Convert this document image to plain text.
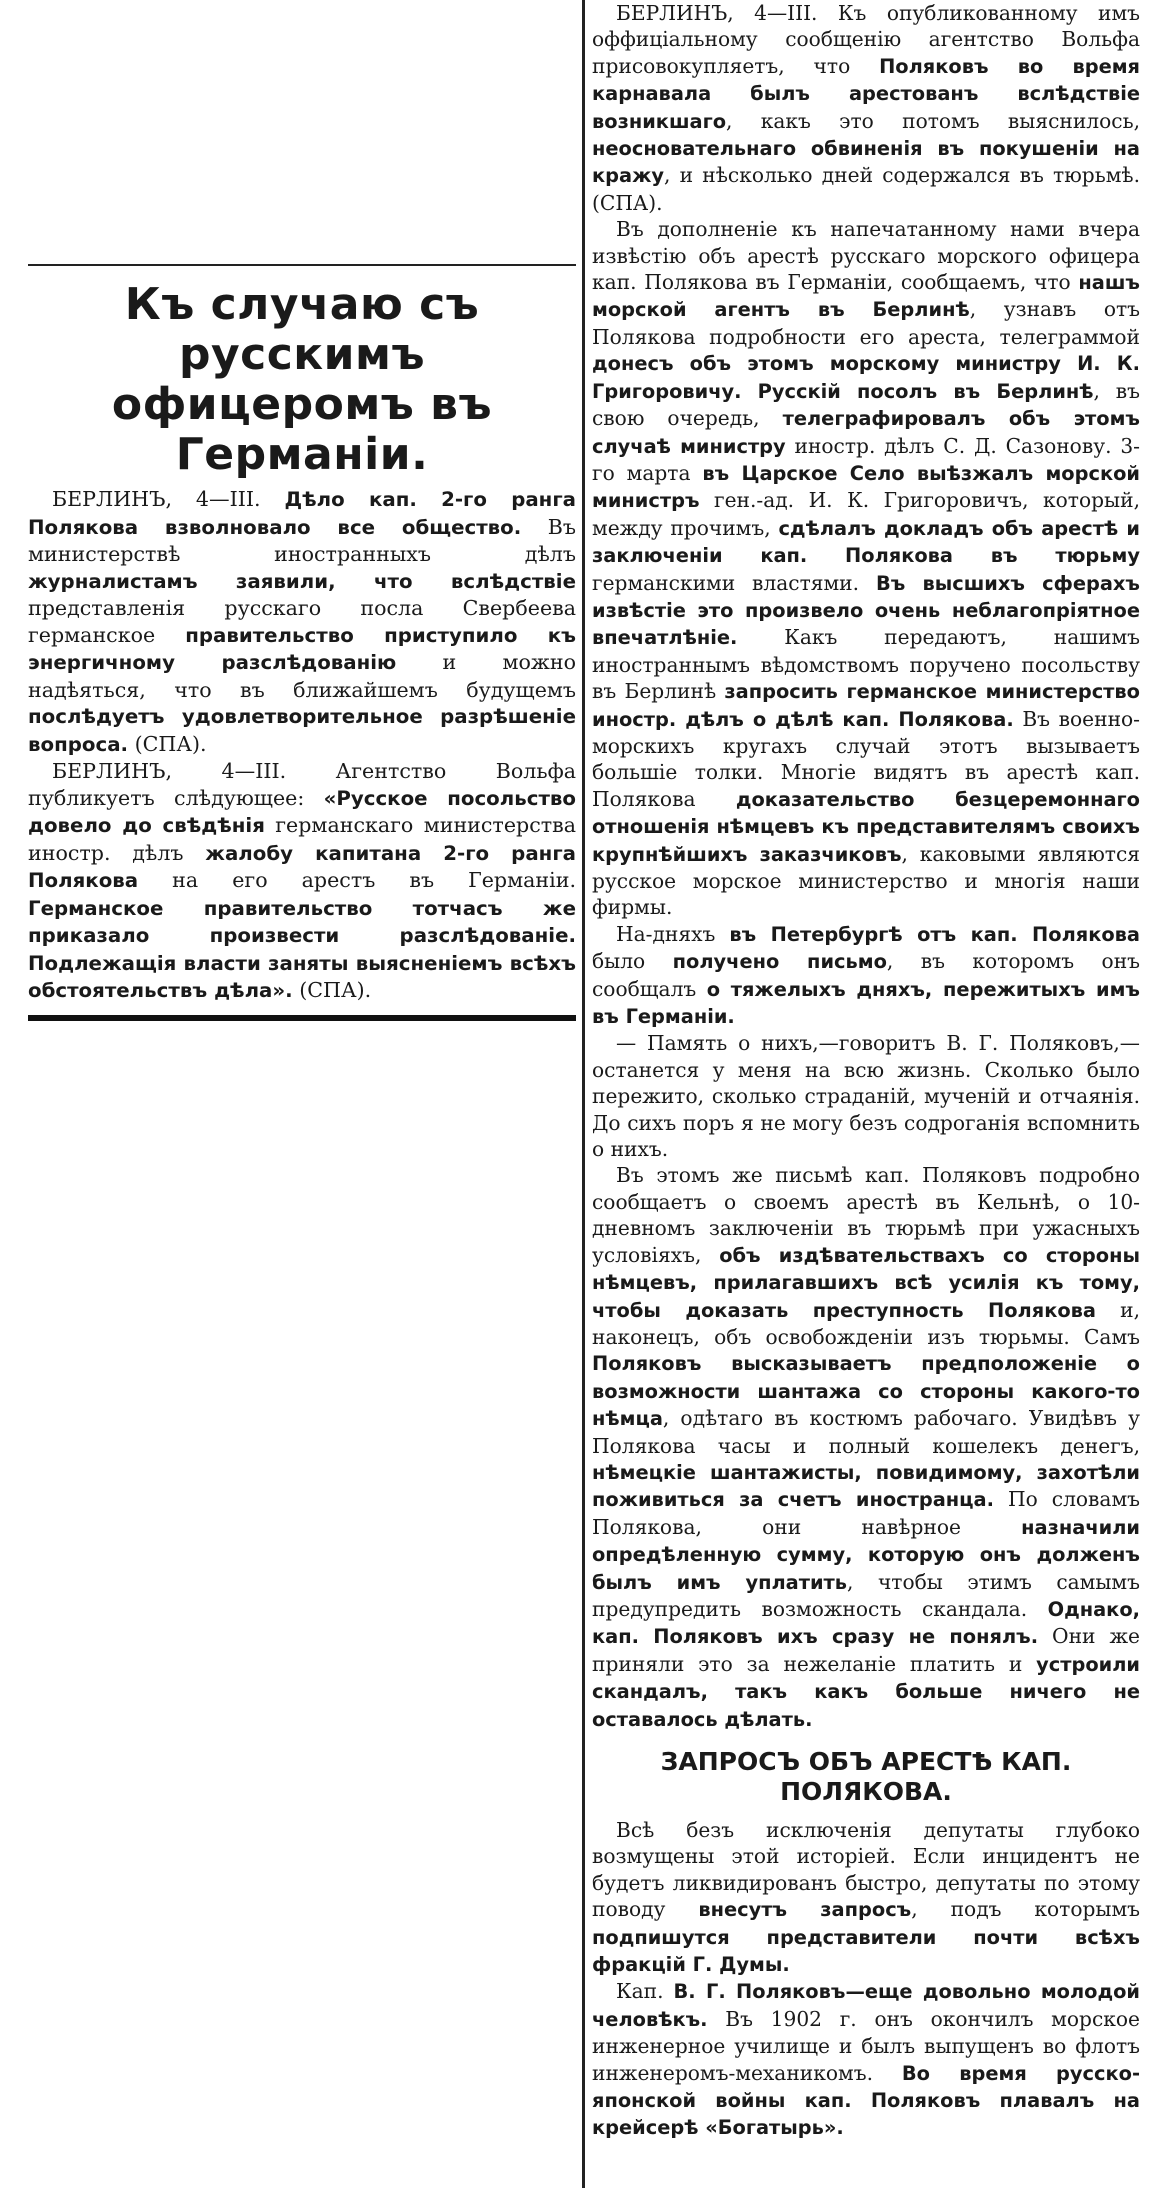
Къ случаю съ русскимъ офицеромъ въ Германіи.

БЕРЛИНЪ, 4—III. Дѣло кап. 2-го ранга Полякова взволновало все общество. Въ министерствѣ иностранныхъ дѣлъ журналистамъ заявили, что вслѣдствіе представленія русскаго посла Свербеева германское правительство приступило къ энергичному разслѣдованію и можно надѣяться, что въ ближайшемъ будущемъ послѣдуетъ удовлетворительное разрѣшеніе вопроса. (СПА).

БЕРЛИНЪ, 4—III. Агентство Вольфа публикуетъ слѣдующее: «Русское посольство довело до свѣдѣнія германскаго министерства иностр. дѣлъ жалобу капитана 2-го ранга Полякова на его арестъ въ Германіи. Германское правительство тотчасъ же приказало произвести разслѣдованіе. Подлежащія власти заняты выясненіемъ всѣхъ обстоятельствъ дѣла». (СПА).

БЕРЛИНЪ, 4—III. Къ опубликованному имъ оффиціальному сообщенію агентство Вольфа присовокупляетъ, что Поляковъ во время карнавала былъ арестованъ вслѣдствіе возникшаго, какъ это потомъ выяснилось, неосновательнаго обвиненія въ покушеніи на кражу, и нѣсколько дней содержался въ тюрьмѣ. (СПА).

Въ дополненіе къ напечатанному нами вчера извѣстію объ арестѣ русскаго морского офицера кап. Полякова въ Германіи, сообщаемъ, что нашъ морской агентъ въ Берлинѣ, узнавъ отъ Полякова подробности его ареста, телеграммой донесъ объ этомъ морскому министру И. К. Григоровичу. Русскій посолъ въ Берлинѣ, въ свою очередь, телеграфировалъ объ этомъ случаѣ министру иностр. дѣлъ С. Д. Сазонову. 3-го марта въ Царское Село выѣзжалъ морской министръ ген.-ад. И. К. Григоровичъ, который, между прочимъ, сдѣлалъ докладъ объ арестѣ и заключеніи кап. Полякова въ тюрьму германскими властями. Въ высшихъ сферахъ извѣстіе это произвело очень неблагопріятное впечатлѣніе. Какъ передаютъ, нашимъ иностраннымъ вѣдомствомъ поручено посольству въ Берлинѣ запросить германское министерство иностр. дѣлъ о дѣлѣ кап. Полякова. Въ военно-морскихъ кругахъ случай этотъ вызываетъ большіе толки. Многіе видятъ въ арестѣ кап. Полякова доказательство безцеремоннаго отношенія нѣмцевъ къ представителямъ своихъ крупнѣйшихъ заказчиковъ, каковыми являются русское морское министерство и многія наши фирмы.

На-дняхъ въ Петербургѣ отъ кап. Полякова было получено письмо, въ которомъ онъ сообщалъ о тяжелыхъ дняхъ, пережитыхъ имъ въ Германіи.

— Память о нихъ,—говоритъ В. Г. Поляковъ,—останется у меня на всю жизнь. Сколько было пережито, сколько страданій, мученій и отчаянія. До сихъ поръ я не могу безъ содроганія вспомнить о нихъ.

Въ этомъ же письмѣ кап. Поляковъ подробно сообщаетъ о своемъ арестѣ въ Кельнѣ, о 10-дневномъ заключеніи въ тюрьмѣ при ужасныхъ условіяхъ, объ издѣвательствахъ со стороны нѣмцевъ, прилагавшихъ всѣ усилія къ тому, чтобы доказать преступность Полякова и, наконецъ, объ освобожденіи изъ тюрьмы. Самъ Поляковъ высказываетъ предположеніе о возможности шантажа со стороны какого-то нѣмца, одѣтаго въ костюмъ рабочаго. Увидѣвъ у Полякова часы и полный кошелекъ денегъ, нѣмецкіе шантажисты, повидимому, захотѣли поживиться за счетъ иностранца. По словамъ Полякова, они навѣрное назначили опредѣленную сумму, которую онъ долженъ былъ имъ уплатить, чтобы этимъ самымъ предупредить возможность скандала. Однако, кап. Поляковъ ихъ сразу не понялъ. Они же приняли это за нежеланіе платить и устроили скандалъ, такъ какъ больше ничего не оставалось дѣлать.

ЗАПРОСЪ ОБЪ АРЕСТѢ КАП. ПОЛЯКОВА.

Всѣ безъ исключенія депутаты глубоко возмущены этой исторіей. Если инцидентъ не будетъ ликвидированъ быстро, депутаты по этому поводу внесутъ запросъ, подъ которымъ подпишутся представители почти всѣхъ фракцій Г. Думы.

Кап. В. Г. Поляковъ—еще довольно молодой человѣкъ. Въ 1902 г. онъ окончилъ морское инженерное училище и былъ выпущенъ во флотъ инженеромъ-механикомъ. Во время русско-японской войны кап. Поляковъ плавалъ на крейсерѣ «Богатырь».
